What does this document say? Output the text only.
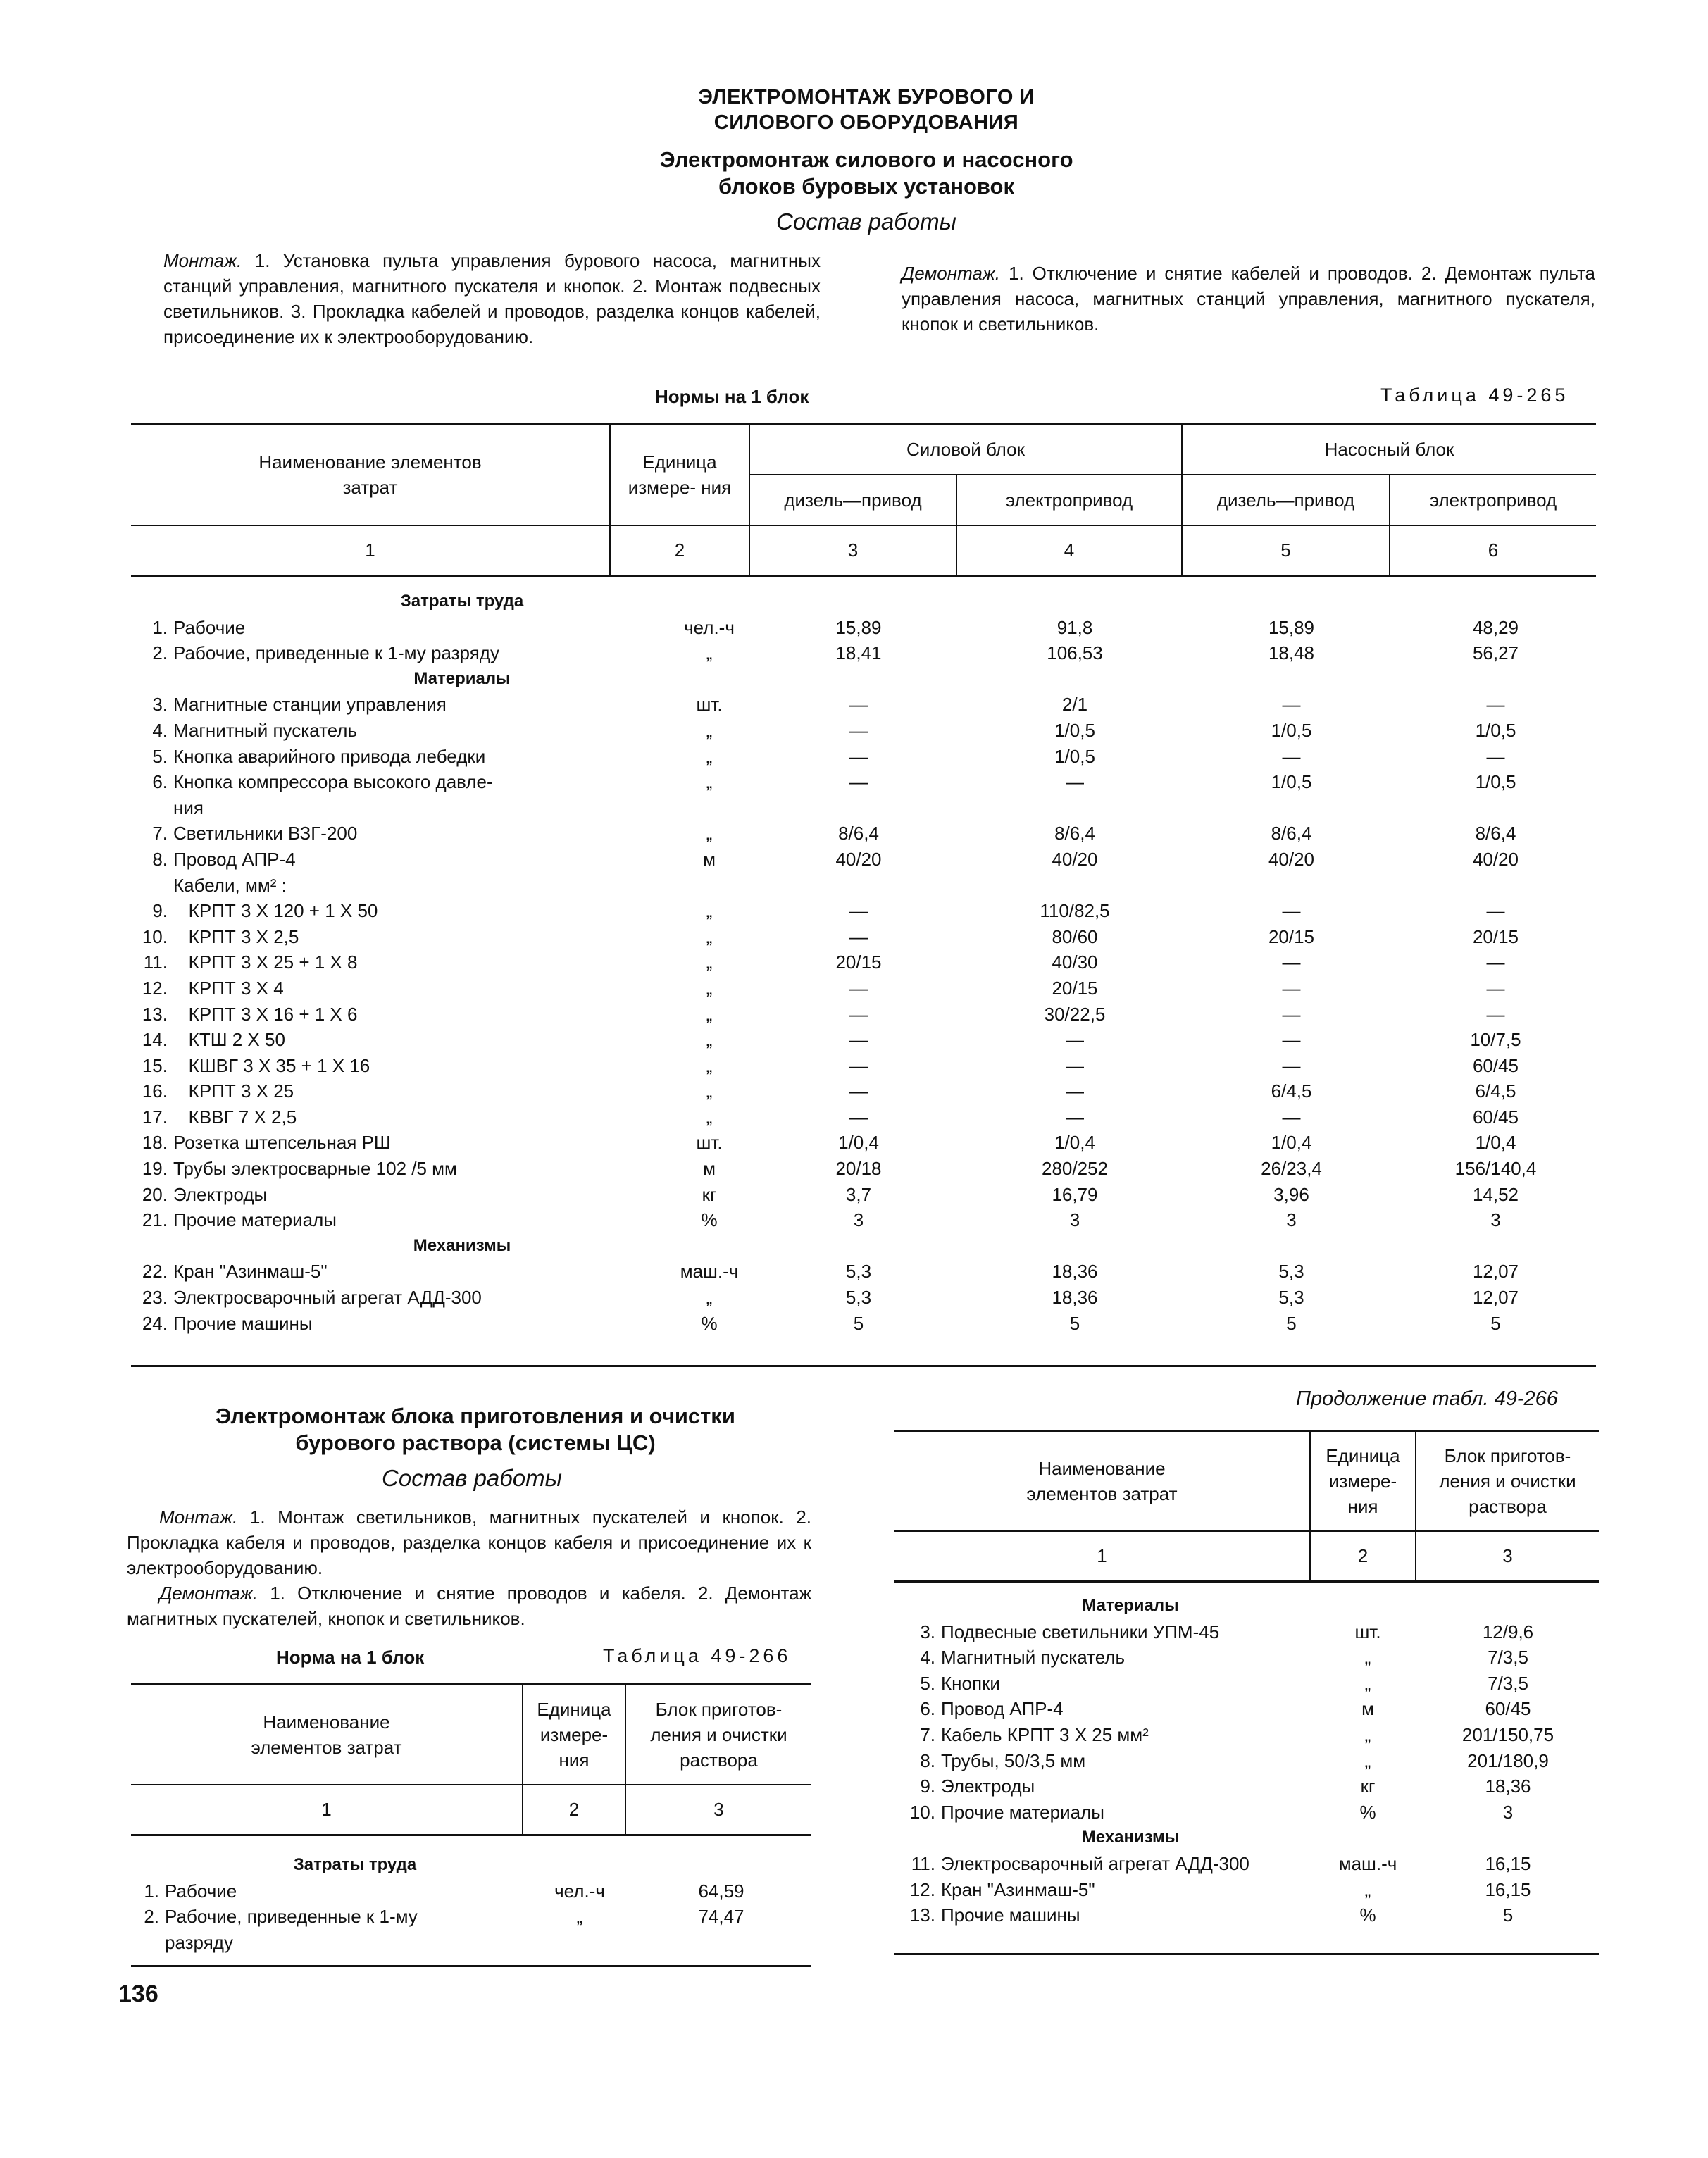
ЭЛЕКТРОМОНТАЖ БУРОВОГО И
СИЛОВОГО ОБОРУДОВАНИЯ
Электромонтаж силового и насосного
блоков буровых установок
Состав работы
Монтаж. 1. Установка пульта управления бурового насоса, магнитных станций управления, магнитного пускателя и кнопок. 2. Монтаж подвесных светильников. 3. Прокладка кабелей и проводов, разделка концов кабелей, присоединение их к электрооборудованию.
Демонтаж. 1. Отключение и снятие кабелей и проводов. 2. Демонтаж пульта управления насоса, магнитных станций управления, магнитного пускателя, кнопок и светильников.
Нормы на 1 блок	Таблица 49-265
Наименование элементов затрат	Единица измере- ния	Силовой блок		Насосный блок	
		дизель—привод	электропривод	дизель—привод	электропривод
1	2	3	4	5	6
Затраты труда						
1.	Рабочие	чел.-ч	15,89	91,8	15,89	48,29
2.	Рабочие, приведенные к 1-му разряду	„	18,41	106,53	18,48	56,27
Материалы						
3.	Магнитные станции управления	шт.	—	2/1	—	—
4.	Магнитный пускатель	„	—	1/0,5	1/0,5	1/0,5
5.	Кнопка аварийного привода лебедки	„	—	1/0,5	—	—
6.	Кнопка компрессора высокого давле-	„	—	—	1/0,5	1/0,5
	ния					
7.	Светильники ВЗГ-200	„	8/6,4	8/6,4	8/6,4	8/6,4
8.	Провод АПР-4	м	40/20	40/20	40/20	40/20
	Кабели, мм² :					
9.	КРПТ 3 Х 120 + 1 Х 50	„	—	110/82,5	—	—
10.	КРПТ 3 Х 2,5	„	—	80/60	20/15	20/15
11.	КРПТ 3 Х 25 + 1 Х 8	„	20/15	40/30	—	—
12.	КРПТ 3 Х 4	„	—	20/15	—	—
13.	КРПТ 3 Х 16 + 1 Х 6	„	—	30/22,5	—	—
14.	КТШ 2 Х 50	„	—	—	—	10/7,5
15.	КШВГ 3 Х 35 + 1 Х 16	„	—	—	—	60/45
16.	КРПТ 3 Х 25	„	—	—	6/4,5	6/4,5
17.	КВВГ 7 Х 2,5	„	—	—	—	60/45
18.	Розетка штепсельная РШ	шт.	1/0,4	1/0,4	1/0,4	1/0,4
19.	Трубы электросварные 102 /5 мм	м	20/18	280/252	26/23,4	156/140,4
20.	Электроды	кг	3,7	16,79	3,96	14,52
21.	Прочие материалы	%	3	3	3	3
Механизмы						
22.	Кран "Азинмаш-5"	маш.-ч	5,3	18,36	5,3	12,07
23.	Электросварочный агрегат АДД-300	„	5,3	18,36	5,3	12,07
24.	Прочие машины	%	5	5	5	5
Электромонтаж блока приготовления и очистки
бурового раствора (системы ЦС)
Состав работы
Монтаж. 1. Монтаж светильников, магнитных пускателей и кнопок. 2. Прокладка кабеля и проводов, разделка концов кабеля и присоединение их к электрооборудованию.
Демонтаж. 1. Отключение и снятие проводов и кабеля. 2. Демонтаж магнитных пускателей, кнопок и светильников.
Норма на 1 блок	Таблица 49-266
Наименование элементов затрат	Единица измере- ния	Блок приготов- ления и очистки раствора
1	2	3
Затраты труда			
1.	Рабочие	чел.-ч	64,59
2.	Рабочие, приведенные к 1-му	„	74,47
	разряду		
Продолжение табл. 49-266
Наименование элементов затрат	Единица измере- ния	Блок приготов- ления и очистки раствора
1	2	3
Материалы			
3.	Подвесные светильники УПМ-45	шт.	12/9,6
4.	Магнитный пускатель	„	7/3,5
5.	Кнопки	„	7/3,5
6.	Провод АПР-4	м	60/45
7.	Кабель КРПТ 3 Х 25 мм²	„	201/150,75
8.	Трубы, 50/3,5 мм	„	201/180,9
9.	Электроды	кг	18,36
10.	Прочие материалы	%	3
Механизмы			
11.	Электросварочный агрегат АДД-300	маш.-ч	16,15
12.	Кран "Азинмаш-5"	„	16,15
13.	Прочие машины	%	5
136
